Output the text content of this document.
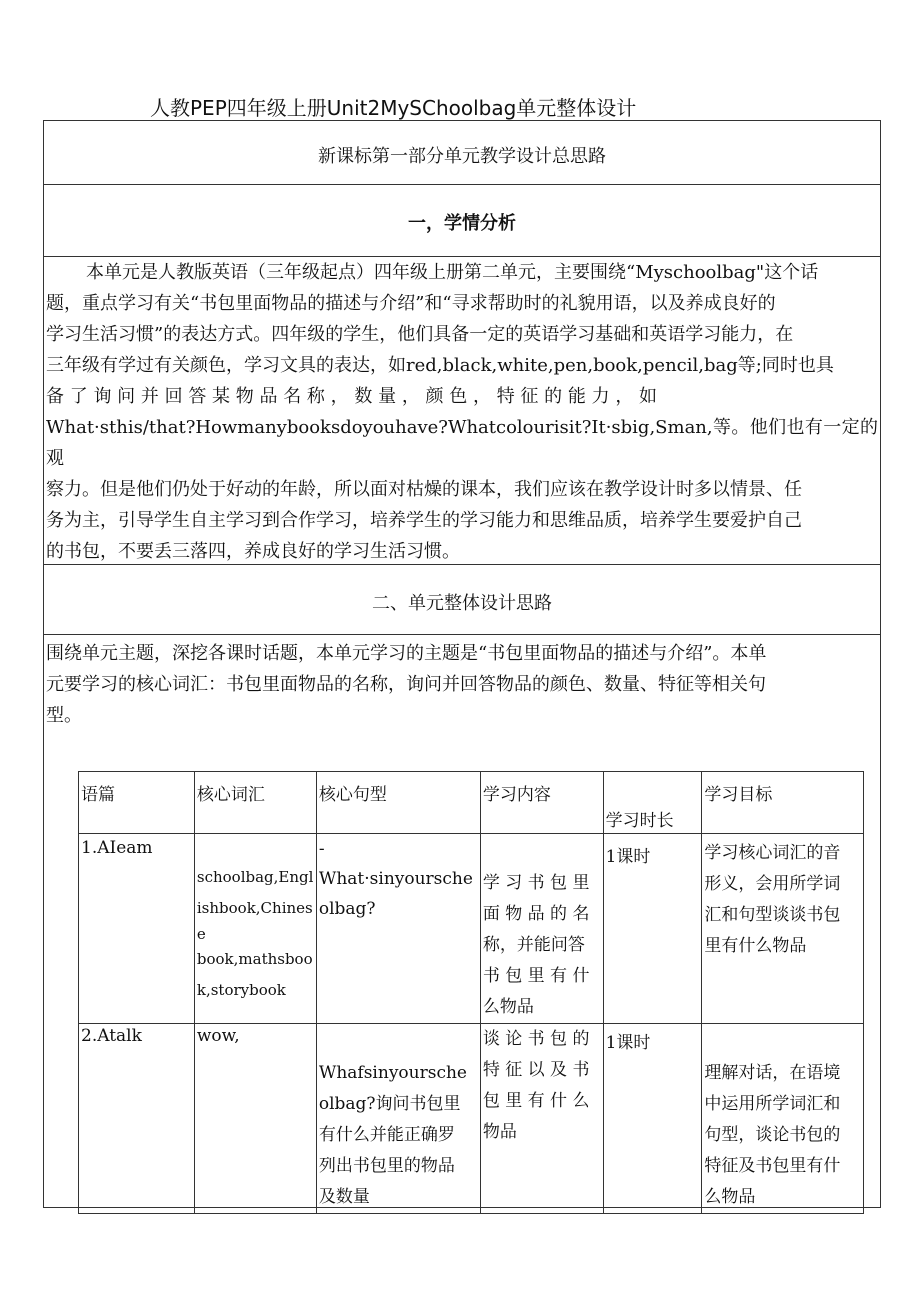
人教PEP四年级上册Unit2MySChoolbag单元整体设计
新课标第一部分单元教学设计总思路
一，学情分析
本单元是人教版英语（三年级起点）四年级上册第二单元，主要围绕“Myschoolbag"这个话
题，重点学习有关“书包里面物品的描述与介绍”和“寻求帮助时的礼貌用语，以及养成良好的
学习生活习惯”的表达方式。四年级的学生，他们具备一定的英语学习基础和英语学习能力，在
三年级有学过有关颜色，学习文具的表达，如red,black,white,pen,book,pencil,bag等;同时也具
备 了 询 问 并 回 答 某 物 品 名 称 ， 数 量 ， 颜 色 ， 特 征 的 能 力 ， 如
What·sthis/that?Howmanybooksdoyouhave?Whatcolourisit?It·sbig,Sman,等。他们也有一定的观
察力。但是他们仍处于好动的年龄，所以面对枯燥的课本，我们应该在教学设计时多以情景、任
务为主，引导学生自主学习到合作学习，培养学生的学习能力和思维品质，培养学生要爱护自己
的书包，不要丢三落四，养成良好的学习生活习惯。
二、单元整体设计思路
围绕单元主题，深挖各课时话题，本单元学习的主题是“书包里面物品的描述与介绍”。本单
元要学习的核心词汇：书包里面物品的名称，询问并回答物品的颜色、数量、特征等相关句
型。
语篇	核心词汇	核心句型	学习内容	学习时长	学习目标

1.AIeam	schoolbag,Engl
ishbook,Chines
e
book,mathsboo
k,storybook	-
What·sinyoursche
olbag?	学 习 书 包 里
面 物 品 的 名
称，并能问答
书 包 里 有 什
么物品	1课时	学习核心词汇的音
形义，会用所学词
汇和句型谈谈书包
里有什么物品

2.Atalk	wow,	Whafsinyoursche
olbag?询问书包里
有什么并能正确罗
列出书包里的物品
及数量	谈 论 书 包 的
特 征 以 及 书
包 里 有 什 么
物品	1课时	理解对话，在语境
中运用所学词汇和
句型，谈论书包的
特征及书包里有什
么物品
